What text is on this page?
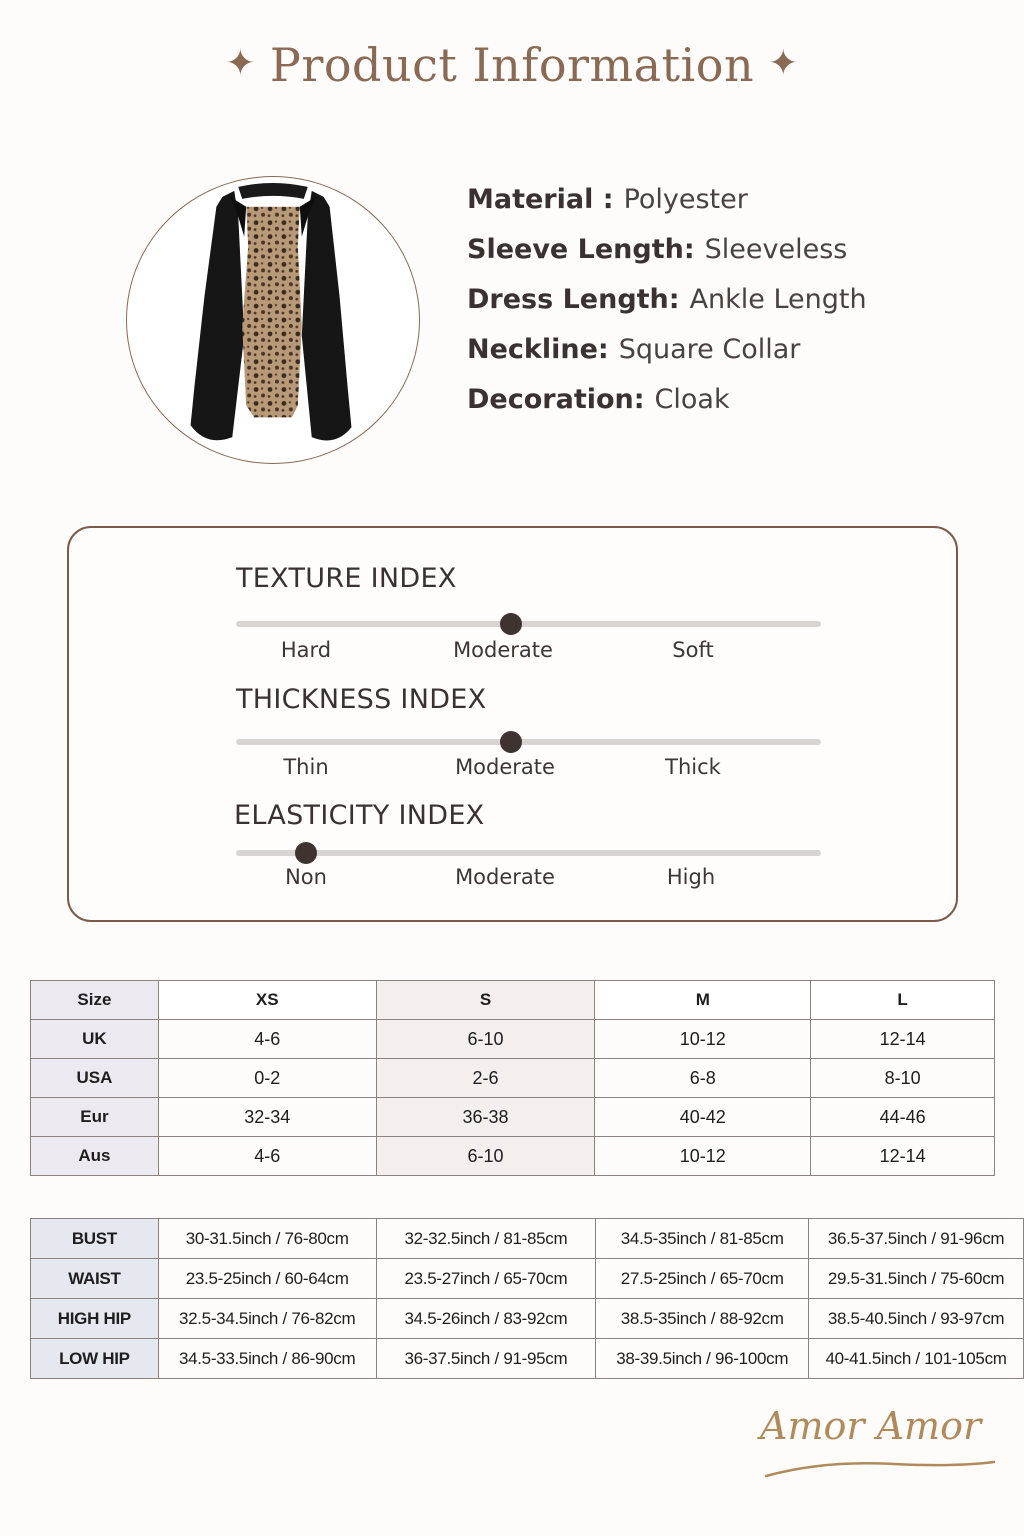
✦ Product Information ✦
Material : Polyester
Sleeve Length: Sleeveless
Dress Length: Ankle Length
Neckline: Square Collar
Decoration: Cloak
TEXTURE INDEX
Hard	Moderate	Soft
THICKNESS INDEX
Thin	Moderate	Thick
ELASTICITY INDEX
Non	Moderate	High
Size	XS	S	M	L
UK	4-6	6-10	10-12	12-14
USA	0-2	2-6	6-8	8-10
Eur	32-34	36-38	40-42	44-46
Aus	4-6	6-10	10-12	12-14
BUST	30-31.5inch / 76-80cm	32-32.5inch / 81-85cm	34.5-35inch / 81-85cm	36.5-37.5inch / 91-96cm
WAIST	23.5-25inch / 60-64cm	23.5-27inch / 65-70cm	27.5-25inch / 65-70cm	29.5-31.5inch / 75-60cm
HIGH HIP	32.5-34.5inch / 76-82cm	34.5-26inch / 83-92cm	38.5-35inch / 88-92cm	38.5-40.5inch / 93-97cm
LOW HIP	34.5-33.5inch / 86-90cm	36-37.5inch / 91-95cm	38-39.5inch / 96-100cm	40-41.5inch / 101-105cm
Amor Amor
